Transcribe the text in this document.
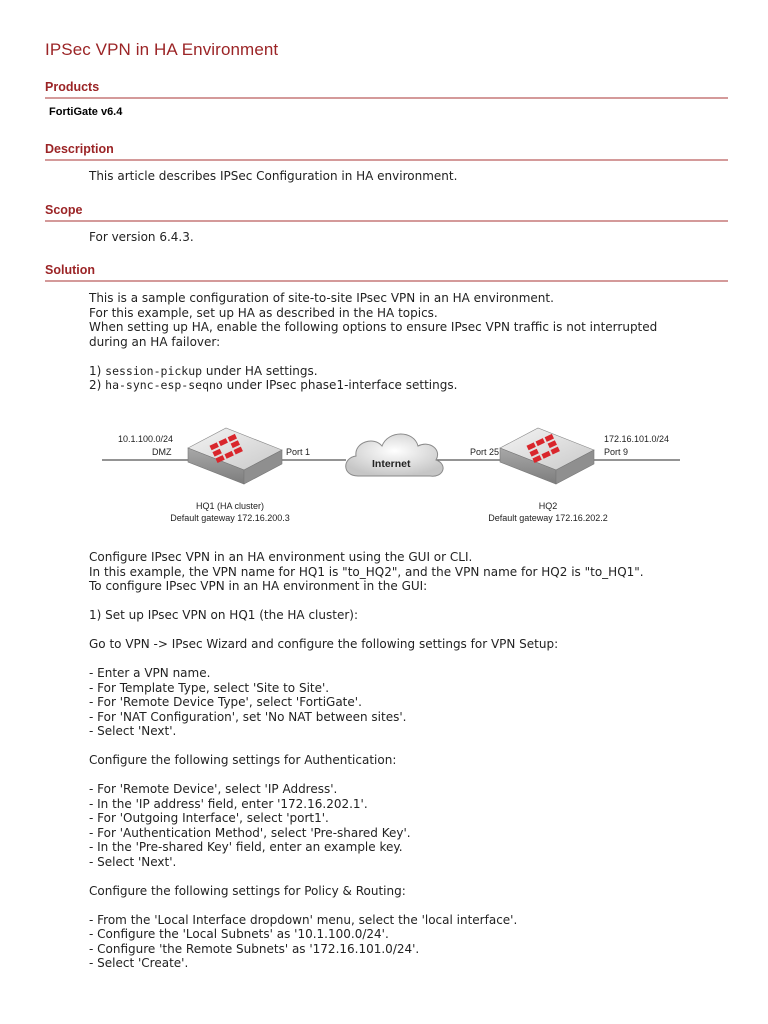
IPSec VPN in HA Environment
Products
FortiGate v6.4
Description
This article describes IPSec Configuration in HA environment.
Scope
For version 6.4.3.
Solution
This is a sample configuration of site-to-site IPsec VPN in an HA environment.
For this example, set up HA as described in the HA topics.
When setting up HA, enable the following options to ensure IPsec VPN traffic is not interrupted
during an HA failover:
1) session-pickup under HA settings.
2) ha-sync-esp-seqno under IPsec phase1-interface settings.
Internet
10.1.100.0/24
DMZ	Port 1	Port 25
172.16.101.0/24
Port 9
HQ1 (HA cluster)
Default gateway 172.16.200.3
HQ2
Default gateway 172.16.202.2
Configure IPsec VPN in an HA environment using the GUI or CLI.
In this example, the VPN name for HQ1 is "to_HQ2", and the VPN name for HQ2 is "to_HQ1".
To configure IPsec VPN in an HA environment in the GUI:
1) Set up IPsec VPN on HQ1 (the HA cluster):
Go to VPN -> IPsec Wizard and configure the following settings for VPN Setup:
- Enter a VPN name.
- For Template Type, select 'Site to Site'.
- For 'Remote Device Type', select 'FortiGate'.
- For 'NAT Configuration', set 'No NAT between sites'.
- Select 'Next'.
Configure the following settings for Authentication:
- For 'Remote Device', select 'IP Address'.
- In the 'IP address' field, enter '172.16.202.1'.
- For 'Outgoing Interface', select 'port1'.
- For 'Authentication Method', select 'Pre-shared Key'.
- In the 'Pre-shared Key' field, enter an example key.
- Select 'Next'.
Configure the following settings for Policy & Routing:
- From the 'Local Interface dropdown' menu, select the 'local interface'.
- Configure the 'Local Subnets' as '10.1.100.0/24'.
- Configure 'the Remote Subnets' as '172.16.101.0/24'.
- Select 'Create'.
